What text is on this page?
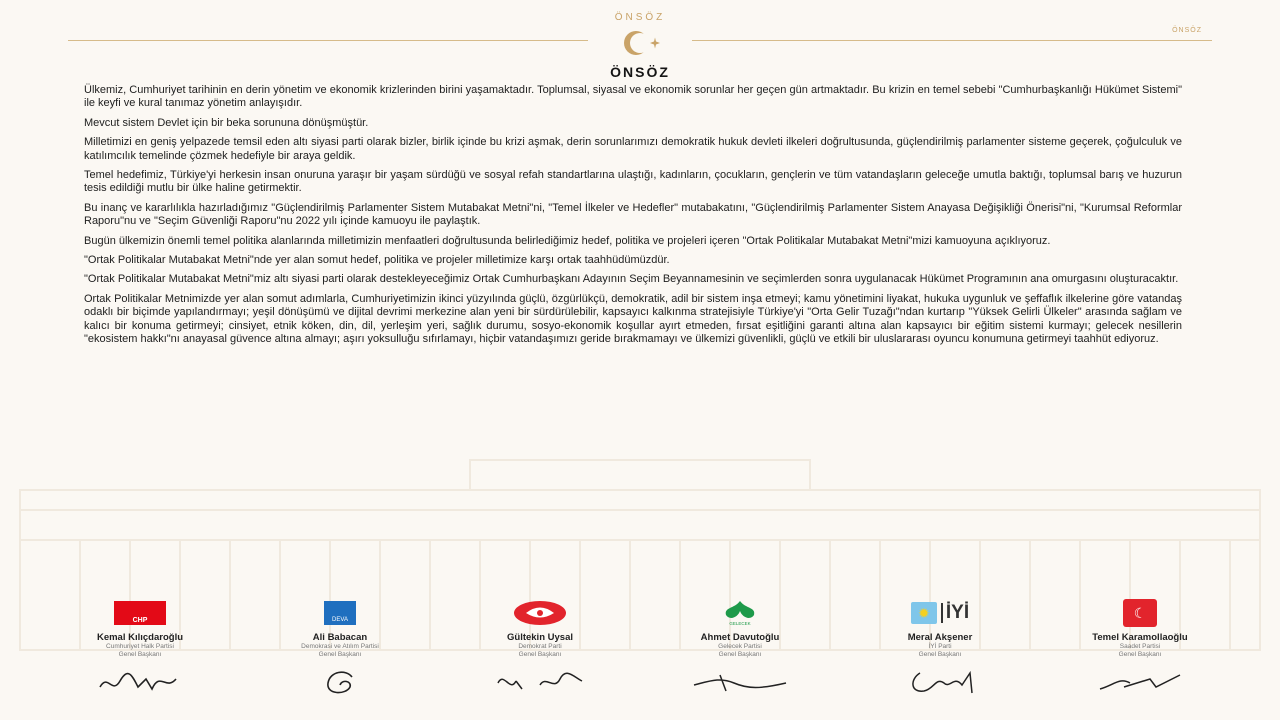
ÖNSÖZ
ÖNSÖZ
ÖNSÖZ

Ülkemiz, Cumhuriyet tarihinin en derin yönetim ve ekonomik krizlerinden birini yaşamaktadır. Toplumsal, siyasal ve ekonomik sorunlar her geçen gün artmaktadır. Bu krizin en temel sebebi "Cumhurbaşkanlığı Hükümet Sistemi" ile keyfi ve kural tanımaz yönetim anlayışıdır.

Mevcut sistem Devlet için bir beka sorununa dönüşmüştür.

Milletimizi en geniş yelpazede temsil eden altı siyasi parti olarak bizler, birlik içinde bu krizi aşmak, derin sorunlarımızı demokratik hukuk devleti ilkeleri doğrultusunda, güçlendirilmiş parlamenter sisteme geçerek, çoğulculuk ve katılımcılık temelinde çözmek hedefiyle bir araya geldik.

Temel hedefimiz, Türkiye'yi herkesin insan onuruna yaraşır bir yaşam sürdüğü ve sosyal refah standartlarına ulaştığı, kadınların, çocukların, gençlerin ve tüm vatandaşların geleceğe umutla baktığı, toplumsal barış ve huzurun tesis edildiği mutlu bir ülke haline getirmektir.

Bu inanç ve kararlılıkla hazırladığımız "Güçlendirilmiş Parlamenter Sistem Mutabakat Metni"ni, "Temel İlkeler ve Hedefler" mutabakatını, "Güçlendirilmiş Parlamenter Sistem Anayasa Değişikliği Önerisi"ni, "Kurumsal Reformlar Raporu"nu ve "Seçim Güvenliği Raporu"nu 2022 yılı içinde kamuoyu ile paylaştık.

Bugün ülkemizin önemli temel politika alanlarında milletimizin menfaatleri doğrultusunda belirlediğimiz hedef, politika ve projeleri içeren "Ortak Politikalar Mutabakat Metni"mizi kamuoyuna açıklıyoruz.

"Ortak Politikalar Mutabakat Metni"nde yer alan somut hedef, politika ve projeler milletimize karşı ortak taahhüdümüzdür.

"Ortak Politikalar Mutabakat Metni"miz altı siyasi parti olarak destekleyeceğimiz Ortak Cumhurbaşkanı Adayının Seçim Beyannamesinin ve seçimlerden sonra uygulanacak Hükümet Programının ana omurgasını oluşturacaktır.

Ortak Politikalar Metnimizde yer alan somut adımlarla, Cumhuriyetimizin ikinci yüzyılında güçlü, özgürlükçü, demokratik, adil bir sistem inşa etmeyi; kamu yönetimini liyakat, hukuka uygunluk ve şeffaflık ilkelerine göre vatandaş odaklı bir biçimde yapılandırmayı; yeşil dönüşümü ve dijital devrimi merkezine alan yeni bir sürdürülebilir, kapsayıcı kalkınma stratejisiyle Türkiye'yi "Orta Gelir Tuzağı"ndan kurtarıp "Yüksek Gelirli Ülkeler" arasında sağlam ve kalıcı bir konuma getirmeyi; cinsiyet, etnik köken, din, dil, yerleşim yeri, sağlık durumu, sosyo-ekonomik koşullar ayırt etmeden, fırsat eşitliğini garanti altına alan kapsayıcı bir eğitim sistemi kurmayı; gelecek nesillerin "ekosistem hakkı"nı anayasal güvence altına almayı; aşırı yoksulluğu sıfırlamayı, hiçbir vatandaşımızı geride bırakmamayı ve ülkemizi güvenlikli, güçlü ve etkili bir uluslararası oyuncu konumuna getirmeyi taahhüt ediyoruz.

CHP
Kemal Kılıçdaroğlu
Cumhuriyet Halk Partisi
Genel Başkanı
DEVA
Ali Babacan
Demokrasi ve Atılım Partisi
Genel Başkanı
Gültekin Uysal
Demokrat Parti
Genel Başkanı
GELECEK
Ahmet Davutoğlu
Gelecek Partisi
Genel Başkanı
✹ İYİ
Meral Akşener
İYİ Parti
Genel Başkanı
☾
Temel Karamollaoğlu
Saadet Partisi
Genel Başkanı
